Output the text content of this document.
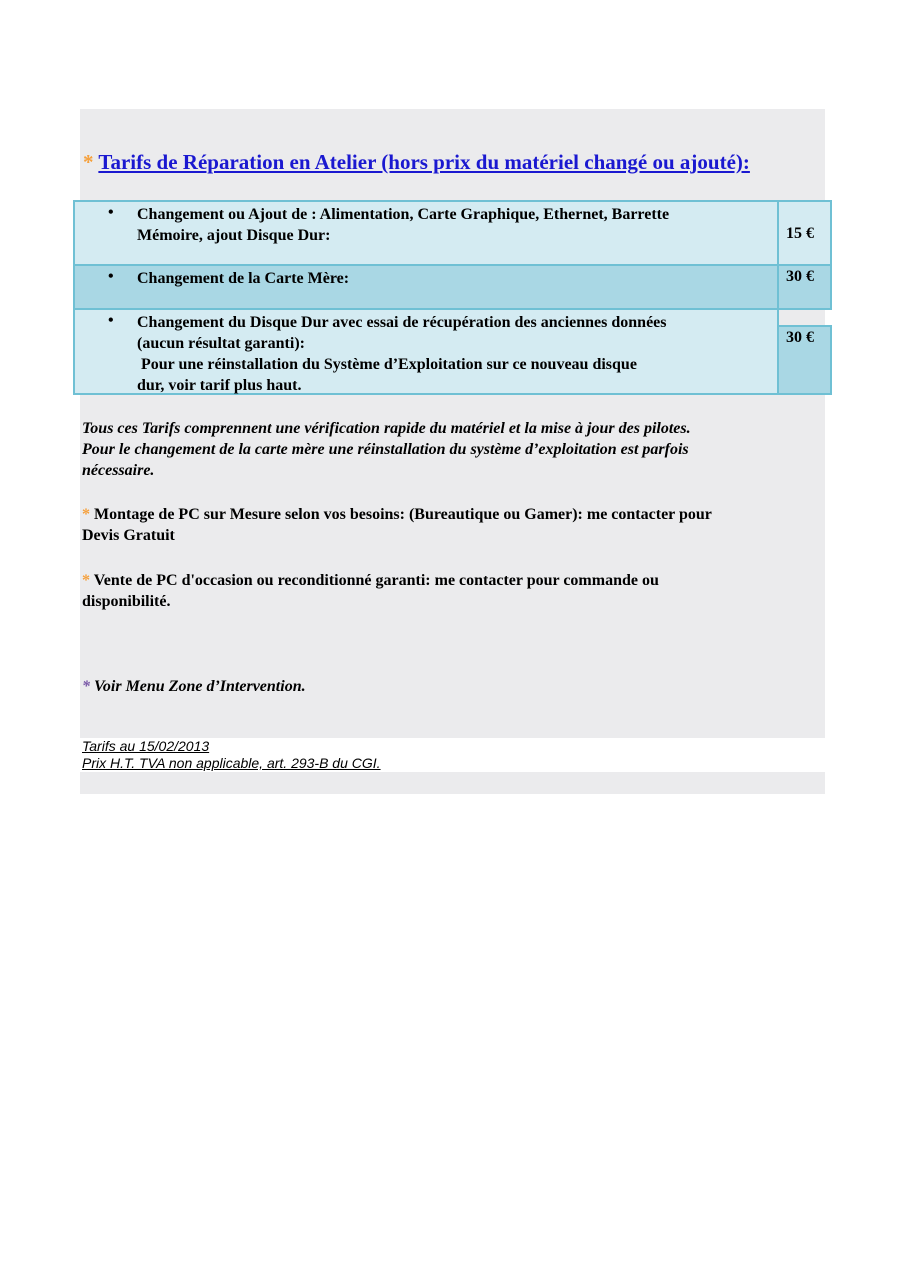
* Tarifs de Réparation en Atelier (hors prix du matériel changé ou ajouté):
• Changement ou Ajout de : Alimentation, Carte Graphique, Ethernet, Barrette
Mémoire, ajout Disque Dur:	15 €
• Changement de la Carte Mère:	30 €
• Changement du Disque Dur avec essai de récupération des anciennes données
(aucun résultat garanti):
Pour une réinstallation du Système d’Exploitation sur ce nouveau disque
dur, voir tarif plus haut.
30 €
Tous ces Tarifs comprennent une vérification rapide du matériel et la mise à jour des pilotes.
Pour le changement de la carte mère une réinstallation du système d’exploitation est parfois
nécessaire.
* Montage de PC sur Mesure selon vos besoins: (Bureautique ou Gamer): me contacter pour
Devis Gratuit
* Vente de PC d'occasion ou reconditionné garanti: me contacter pour commande ou
disponibilité.
* Voir Menu Zone d’Intervention.
Tarifs au 15/02/2013
Prix H.T. TVA non applicable, art. 293-B du CGI.
